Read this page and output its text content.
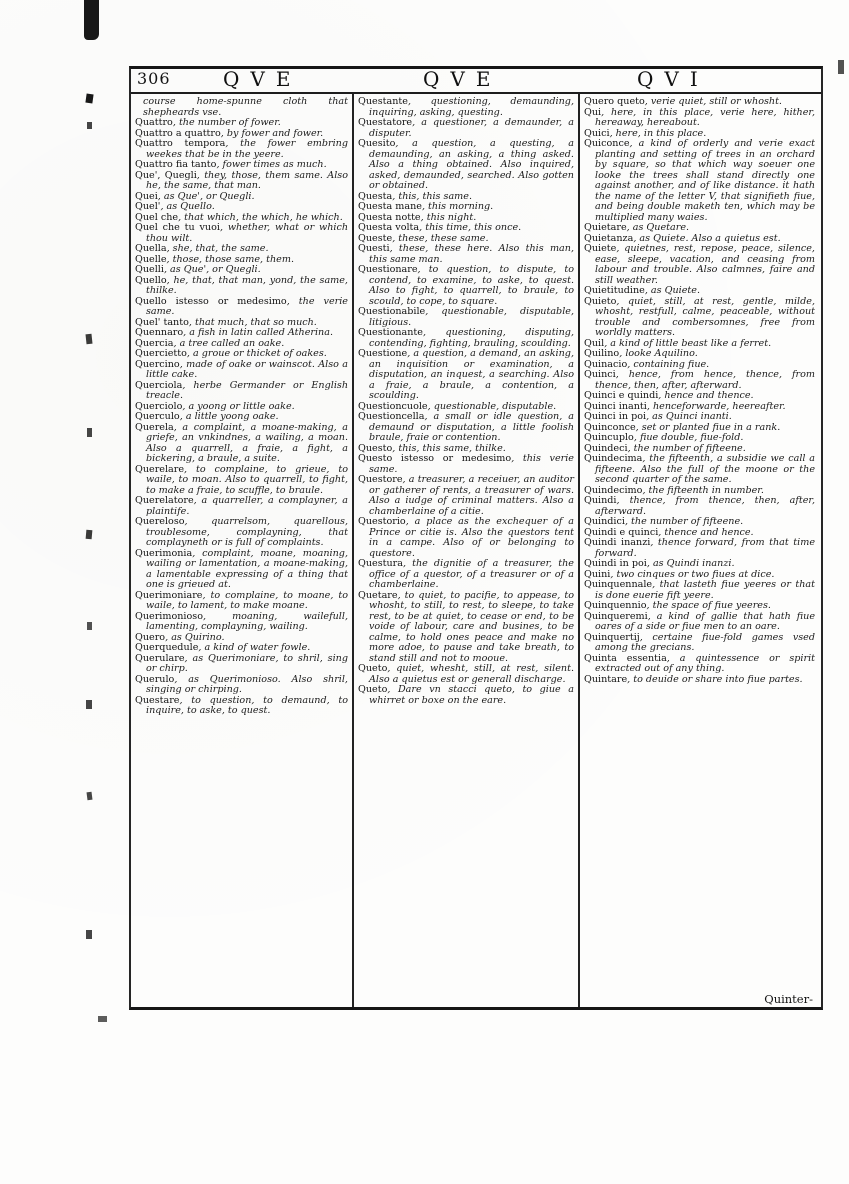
306	QVE	QVE	QVI
course home-spunne cloth that shepheards vse.
Quattro, the number of fower.
Quattro a quattro, by fower and fower.
Quattro tempora, the fower embring weekes that be in the yeere.
Quattro fia tanto, fower times as much.
Que', Quegli, they, those, them same. Also he, the same, that man.
Quei, as Que', or Quegli.
Quel', as Quello.
Quel che, that which, the which, he which.
Quel che tu vuoi, whether, what or which thou wilt.
Quella, she, that, the same.
Quelle, those, those same, them.
Quelli, as Que', or Quegli.
Quello, he, that, that man, yond, the same, thilke.
Quello istesso or medesimo, the verie same.
Quel' tanto, that much, that so much.
Quennaro, a fish in latin called Atherina.
Quercia, a tree called an oake.
Quercietto, a groue or thicket of oakes.
Quercino, made of oake or wainscot. Also a little cake.
Querciola, herbe Germander or English treacle.
Querciolo, a yoong or little oake.
Querculo, a little yoong oake.
Querela, a complaint, a moane-making, a griefe, an vnkindnes, a wailing, a moan. Also a quarrell, a fraie, a fight, a bickering, a braule, a suite.
Querelare, to complaine, to grieue, to waile, to moan. Also to quarrell, to fight, to make a fraie, to scuffle, to braule.
Querelatore, a quarreller, a complayner, a plaintife.
Quereloso, quarrelsom, quarellous, troublesome, complayning, that complayneth or is full of complaints.
Querimonia, complaint, moane, moaning, wailing or lamentation, a moane-making, a lamentable expressing of a thing that one is grieued at.
Querimoniare, to complaine, to moane, to waile, to lament, to make moane.
Querimonioso, moaning, wailefull, lamenting, complayning, wailing.
Quero, as Quirino.
Querquedule, a kind of water fowle.
Querulare, as Querimoniare, to shril, sing or chirp.
Querulo, as Querimonioso. Also shril, singing or chirping.
Questare, to question, to demaund, to inquire, to aske, to quest.
Questante, questioning, demaunding, inquiring, asking, questing.
Questatore, a questioner, a demaunder, a disputer.
Quesito, a question, a questing, a demaunding, an asking, a thing asked. Also a thing obtained. Also inquired, asked, demaunded, searched. Also gotten or obtained.
Questa, this, this same.
Questa mane, this morning.
Questa notte, this night.
Questa volta, this time, this once.
Queste, these, these same.
Questi, these, these here. Also this man, this same man.
Questionare, to question, to dispute, to contend, to examine, to aske, to quest. Also to fight, to quarrell, to braule, to scould, to cope, to square.
Questionabile, questionable, disputable, litigious.
Questionante, questioning, disputing, contending, fighting, brauling, scoulding.
Questione, a question, a demand, an asking, an inquisition or examination, a disputation, an inquest, a searching. Also a fraie, a braule, a contention, a scoulding.
Questioncuole, questionable, disputable.
Questioncella, a small or idle question, a demaund or disputation, a little foolish braule, fraie or contention.
Questo, this, this same, thilke.
Questo istesso or medesimo, this verie same.
Questore, a treasurer, a receiuer, an auditor or gatherer of rents, a treasurer of wars. Also a iudge of criminal matters. Also a chamberlaine of a citie.
Questorio, a place as the exchequer of a Prince or citie is. Also the questors tent in a campe. Also of or belonging to questore.
Questura, the dignitie of a treasurer, the office of a questor, of a treasurer or of a chamberlaine.
Quetare, to quiet, to pacifie, to appease, to whosht, to still, to rest, to sleepe, to take rest, to be at quiet, to cease or end, to be voide of labour, care and busines, to be calme, to hold ones peace and make no more adoe, to pause and take breath, to stand still and not to mooue.
Queto, quiet, whesht, still, at rest, silent. Also a quietus est or generall discharge.
Queto, Dare vn stacci queto, to giue a whirret or boxe on the eare.
Quero queto, verie quiet, still or whosht.
Qui, here, in this place, verie here, hither, hereaway, hereabout.
Quici, here, in this place.
Quiconce, a kind of orderly and verie exact planting and setting of trees in an orchard by square, so that which way soeuer one looke the trees shall stand directly one against another, and of like distance. it hath the name of the letter V, that signifieth fiue, and being double maketh ten, which may be multiplied many waies.
Quietare, as Quetare.
Quietanza, as Quiete. Also a quietus est.
Quiete, quietnes, rest, repose, peace, silence, ease, sleepe, vacation, and ceasing from labour and trouble. Also calmnes, faire and still weather.
Quietitudine, as Quiete.
Quieto, quiet, still, at rest, gentle, milde, whosht, restfull, calme, peaceable, without trouble and combersomnes, free from worldly matters.
Quil, a kind of little beast like a ferret.
Quilino, looke Aquilino.
Quinacio, containing fiue.
Quinci, hence, from hence, thence, from thence, then, after, afterward.
Quinci e quindi, hence and thence.
Quinci inanti, henceforwarde, heereafter.
Quinci in poi, as Quinci inanti.
Quinconce, set or planted fiue in a rank.
Quincuplo, fiue double, fiue-fold.
Quindeci, the number of fifteene.
Quindecima, the fifteenth, a subsidie we call a fifteene. Also the full of the moone or the second quarter of the same.
Quindecimo, the fifteenth in number.
Quindi, thence, from thence, then, after, afterward.
Quindici, the number of fifteene.
Quindi e quinci, thence and hence.
Quindi inanzi, thence forward, from that time forward.
Quindi in poi, as Quindi inanzi.
Quini, two cinques or two fiues at dice.
Quinquennale, that lasteth fiue yeeres or that is done euerie fift yeere.
Quinquennio, the space of fiue yeeres.
Quinqueremi, a kind of gallie that hath fiue oares of a side or fiue men to an oare.
Quinquertij, certaine fiue-fold games vsed among the grecians.
Quinta essentia, a quintessence or spirit extracted out of any thing.
Quintare, to deuide or share into fiue partes.
Quinter-
